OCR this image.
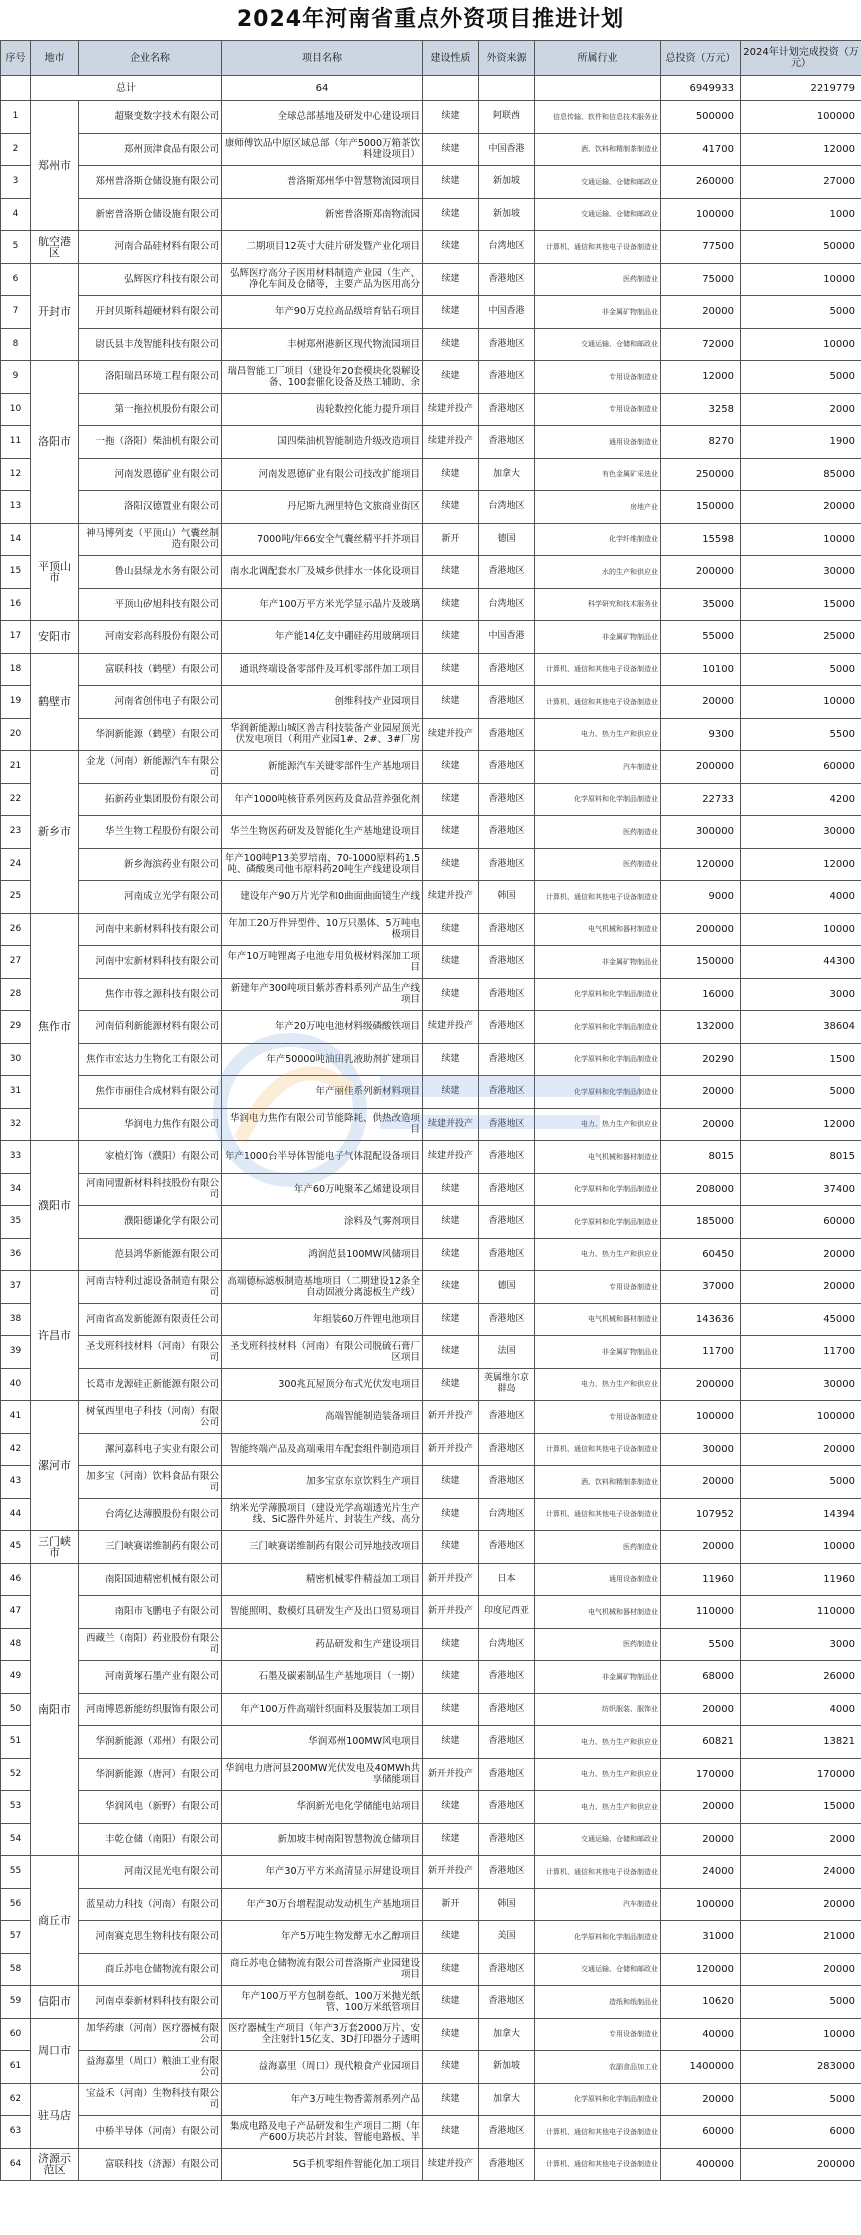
2024年河南省重点外资项目推进计划
序号	地市	企业名称	项目名称	建设性质	外资来源	所属行业	总投资（万元）	2024年计划完成投资（万元）
	总计		64				6949933	2219779
1	郑州市	超聚变数字技术有限公司	全球总部基地及研发中心建设项目	续建	阿联酋	信息传输、软件和信息技术服务业	500000	100000
2		郑州顶津食品有限公司	康师傅饮品中原区域总部（年产5000万箱茶饮料建设项目）	续建	中国香港	酒、饮料和精制茶制造业	41700	12000
3		郑州普洛斯仓储设施有限公司	普洛斯郑州华中智慧物流园项目	续建	新加坡	交通运输、仓储和邮政业	260000	27000
4		新密普洛斯仓储设施有限公司	新密普洛斯郑南物流园	续建	新加坡	交通运输、仓储和邮政业	100000	1000
5	航空港区	河南合晶硅材料有限公司	二期项目12英寸大硅片研发暨产业化项目	续建	台湾地区	计算机、通信和其他电子设备制造业	77500	50000
6	开封市	弘辉医疗科技有限公司	弘辉医疗高分子医用材料制造产业园（生产、净化车间及仓储等，主要产品为医用高分	续建	香港地区	医药制造业	75000	10000
7		开封贝斯科超硬材料有限公司	年产90万克拉高品级培育钻石项目	续建	中国香港	非金属矿物制品业	20000	5000
8		尉氏县丰茂智能科技有限公司	丰树郑州港新区现代物流园项目	续建	香港地区	交通运输、仓储和邮政业	72000	10000
9	洛阳市	洛阳瑞昌环境工程有限公司	瑞昌智能工厂项目（建设年20套模块化裂解设备、100套催化设备及热工辅助、余	续建	香港地区	专用设备制造业	12000	5000
10		第一拖拉机股份有限公司	齿轮数控化能力提升项目	续建并投产	香港地区	专用设备制造业	3258	2000
11		一拖（洛阳）柴油机有限公司	国四柴油机智能制造升级改造项目	续建并投产	香港地区	通用设备制造业	8270	1900
12		河南发恩德矿业有限公司	河南发恩德矿业有限公司技改扩能项目	续建	加拿大	有色金属矿采选业	250000	85000
13		洛阳汉德置业有限公司	丹尼斯九洲里特色文旅商业街区	续建	台湾地区	房地产业	150000	20000
14	平顶山市	神马博列麦（平顶山）气囊丝制造有限公司	7000吨/年66安全气囊丝精平扦芥项目	新开	德国	化学纤维制造业	15598	10000
15		鲁山县绿龙水务有限公司	南水北调配套水厂及城乡供排水一体化设项目	续建	香港地区	水的生产和供应业	200000	30000
16		平顶山矽旭科技有限公司	年产100万平方米光学显示晶片及玻璃	续建	台湾地区	科学研究和技术服务业	35000	15000
17	安阳市	河南安彩高科股份有限公司	年产能14亿支中硼硅药用玻璃项目	续建	中国香港	非金属矿物制品业	55000	25000
18	鹤壁市	富联科技（鹤壁）有限公司	通讯终端设备零部件及耳机零部件加工项目	续建	香港地区	计算机、通信和其他电子设备制造业	10100	5000
19		河南省创伟电子有限公司	创维科技产业园项目	续建	香港地区	计算机、通信和其他电子设备制造业	20000	10000
20		华润新能源（鹤壁）有限公司	华润新能源山城区善吉科技装备产业园屋顶光伏发电项目（利用产业园1#、2#、3#厂房	续建并投产	香港地区	电力、热力生产和供应业	9300	5500
21	新乡市	金龙（河南）新能源汽车有限公司	新能源汽车关键零部件生产基地项目	续建	香港地区	汽车制造业	200000	60000
22		拓新药业集团股份有限公司	年产1000吨核苷系列医药及食品营养强化剂	续建	香港地区	化学原料和化学制品制造业	22733	4200
23		华兰生物工程股份有限公司	华兰生物医药研发及智能化生产基地建设项目	续建	香港地区	医药制造业	300000	30000
24		新乡海滨药业有限公司	年产100吨P13美罗培南、70-1000原料药1.5吨、磷酸奥司他韦原料药20吨生产线建设项目	续建	香港地区	医药制造业	120000	12000
25		河南成立光学有限公司	建设年产90万片光学和0曲面曲面镜生产线	续建并投产	韩国	计算机、通信和其他电子设备制造业	9000	4000
26	焦作市	河南中来新材料科技有限公司	年加工20万件异型件、10万只墨体、5万吨电极项目	续建	香港地区	电气机械和器材制造业	200000	10000
27		河南中宏新材料科技有限公司	年产10万吨锂离子电池专用负极材料深加工项目	续建	香港地区	非金属矿物制品业	150000	44300
28		焦作市蓉之源科技有限公司	新建年产300吨项目紫苏香料系列产品生产线项目	续建	香港地区	化学原料和化学制品制造业	16000	3000
29		河南佰利新能源材料有限公司	年产20万吨电池材料级磷酸铁项目	续建并投产	香港地区	化学原料和化学制品制造业	132000	38604
30		焦作市宏达力生物化工有限公司	年产50000吨油田乳液助剂扩建项目	续建	香港地区	化学原料和化学制品制造业	20290	1500
31		焦作市丽佳合成材料有限公司	年产丽佳系列新材料项目	续建	香港地区	化学原料和化学制品制造业	20000	5000
32		华润电力焦作有限公司	华润电力焦作有限公司节能降耗、供热改造项目	续建并投产	香港地区	电力、热力生产和供应业	20000	12000
33	濮阳市	家植灯饰（濮阳）有限公司	年产1000台半导体智能电子气体混配设备项目	续建并投产	香港地区	电气机械和器材制造业	8015	8015
34		河南同盟新材料科技股份有限公司	年产60万吨聚苯乙烯建设项目	续建	香港地区	化学原料和化学制品制造业	208000	37400
35		濮阳德谦化学有限公司	涂料及气雾剂项目	续建	香港地区	化学原料和化学制品制造业	185000	60000
36		范县鸿华新能源有限公司	鸿润范县100MW风储项目	续建	香港地区	电力、热力生产和供应业	60450	20000
37	许昌市	河南吉特利过滤设备制造有限公司	高端德标滤板制造基地项目（二期建设12条全自动固液分离滤板生产线）	续建	德国	专用设备制造业	37000	20000
38		河南省高发新能源有限责任公司	年组装60万件锂电池项目	续建	香港地区	电气机械和器材制造业	143636	45000
39		圣戈班科技材料（河南）有限公司	圣戈班科技材料（河南）有限公司脱硫石膏厂区项目	续建	法国	非金属矿物制品业	11700	11700
40		长葛市龙源硅正新能源有限公司	300兆瓦屋顶分布式光伏发电项目	续建	英属维尔京群岛	电力、热力生产和供应业	200000	30000
41	漯河市	树氧西里电子科技（河南）有限公司	高端智能制造装备项目	新开并投产	香港地区	专用设备制造业	100000	100000
42		漯河嘉科电子实业有限公司	智能终端产品及高端乘用车配套组件制造项目	新开并投产	香港地区	计算机、通信和其他电子设备制造业	30000	20000
43		加多宝（河南）饮料食品有限公司	加多宝京东京饮料生产项目	续建	香港地区	酒、饮料和精制茶制造业	20000	5000
44		台湾亿达薄膜股份有限公司	纳米光学薄膜项目（建设光学高端透光片生产线、SiC器件外延片、封装生产线、高分	续建	台湾地区	计算机、通信和其他电子设备制造业	107952	14394
45	三门峡市	三门峡赛诺维制药有限公司	三门峡赛诺维制药有限公司异地技改项目	续建	香港地区	医药制造业	20000	10000
46	南阳市	南阳国迪精密机械有限公司	精密机械零件精益加工项目	新开并投产	日本	通用设备制造业	11960	11960
47		南阳市飞鹏电子有限公司	智能照明、数模灯具研发生产及出口贸易项目	新开并投产	印度尼西亚	电气机械和器材制造业	110000	110000
48		西藏兰（南阳）药业股份有限公司	药品研发和生产建设项目	续建	台湾地区	医药制造业	5500	3000
49		河南黄塚石墨产业有限公司	石墨及碳素制品生产基地项目（一期）	续建	香港地区	非金属矿物制品业	68000	26000
50		河南博恩新能纺织服饰有限公司	年产100万件高端针织面料及服装加工项目	续建	香港地区	纺织服装、服饰业	20000	4000
51		华润新能源（邓州）有限公司	华润邓州100MW风电项目	续建	香港地区	电力、热力生产和供应业	60821	13821
52		华润新能源（唐河）有限公司	华润电力唐河县200MW光伏发电及40MWh共享储能项目	新开并投产	香港地区	电力、热力生产和供应业	170000	170000
53		华润风电（新野）有限公司	华润新光电化学储能电站项目	续建	香港地区	电力、热力生产和供应业	20000	15000
54		丰乾仓储（南阳）有限公司	新加坡丰树南阳智慧物流仓储项目	续建	香港地区	交通运输、仓储和邮政业	20000	2000
55	商丘市	河南汉昆光电有限公司	年产30万平方米高清显示屏建设项目	新开并投产	香港地区	计算机、通信和其他电子设备制造业	24000	24000
56		蓝星动力科技（河南）有限公司	年产30万台增程混动发动机生产基地项目	新开	韩国	汽车制造业	100000	20000
57		河南赛克思生物科技有限公司	年产5万吨生物发酵无水乙醇项目	续建	美国	化学原料和化学制品制造业	31000	21000
58		商丘苏电仓储物流有限公司	商丘苏电仓储物流有限公司普洛斯产业园建设项目	续建	香港地区	交通运输、仓储和邮政业	120000	20000
59	信阳市	河南卓泰新材料科技有限公司	年产100万平方包制卷纸、100万米抛光纸管、100万米纸管项目	续建	香港地区	造纸和纸制品业	10620	5000
60	周口市	加华药康（河南）医疗器械有限公司	医疗器械生产项目（年产3万套2000万片、安全注射针15亿支、3D打印器分子透明	续建	加拿大	专用设备制造业	40000	10000
61		益海嘉里（周口）粮油工业有限公司	益海嘉里（周口）现代粮食产业园项目	续建	新加坡	农副食品加工业	1400000	283000
62	驻马店	宝益禾（河南）生物科技有限公司	年产3万吨生物香薷剂系列产品	续建	加拿大	化学原料和化学制品制造业	20000	5000
63		中桥半导体（河南）有限公司	集成电路及电子产品研发和生产项目二期（年产600万块芯片封装、智能电路板、半	续建	香港地区	计算机、通信和其他电子设备制造业	60000	6000
64	济源示范区	富联科技（济源）有限公司	5G手机零组件智能化加工项目	续建并投产	香港地区	计算机、通信和其他电子设备制造业	400000	200000
